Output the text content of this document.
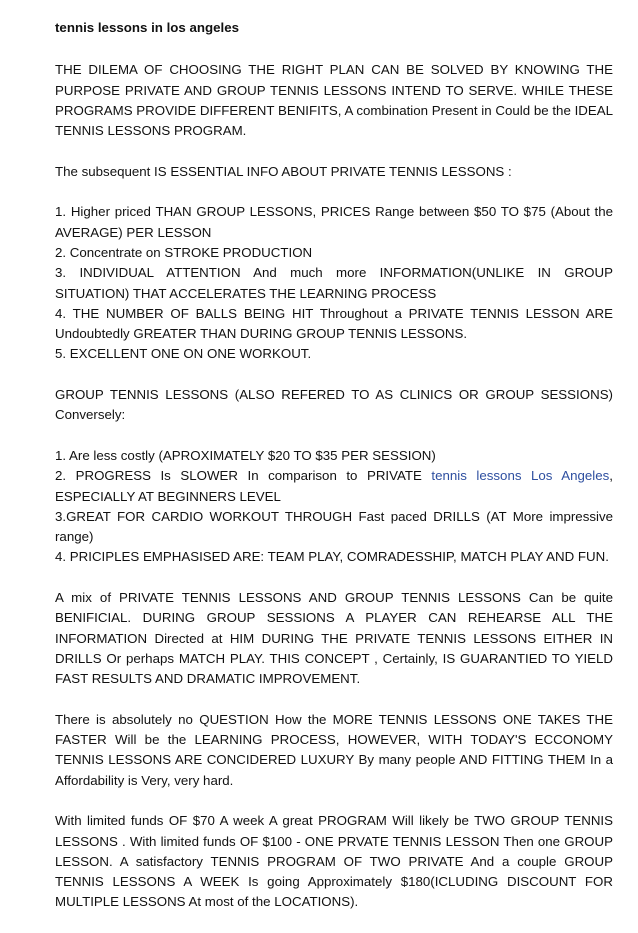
tennis lessons in los angeles

THE DILEMA OF CHOOSING THE RIGHT PLAN CAN BE SOLVED BY KNOWING THE PURPOSE PRIVATE AND GROUP TENNIS LESSONS INTEND TO SERVE. WHILE THESE PROGRAMS PROVIDE DIFFERENT BENIFITS, A combination Present in Could be the IDEAL TENNIS LESSONS PROGRAM.

The subsequent IS ESSENTIAL INFO ABOUT PRIVATE TENNIS LESSONS :

1. Higher priced THAN GROUP LESSONS, PRICES Range between $50 TO $75 (About the AVERAGE) PER LESSON
2. Concentrate on STROKE PRODUCTION
3. INDIVIDUAL ATTENTION And much more INFORMATION(UNLIKE IN GROUP SITUATION) THAT ACCELERATES THE LEARNING PROCESS
4. THE NUMBER OF BALLS BEING HIT Throughout a PRIVATE TENNIS LESSON ARE Undoubtedly GREATER THAN DURING GROUP TENNIS LESSONS.
5. EXCELLENT ONE ON ONE WORKOUT.

GROUP TENNIS LESSONS (ALSO REFERED TO AS CLINICS OR GROUP SESSIONS) Conversely:

1. Are less costly (APROXIMATELY $20 TO $35 PER SESSION)
2. PROGRESS Is SLOWER In comparison to PRIVATE tennis lessons Los Angeles, ESPECIALLY AT BEGINNERS LEVEL
3.GREAT FOR CARDIO WORKOUT THROUGH Fast paced DRILLS (AT More impressive range)
4. PRICIPLES EMPHASISED ARE: TEAM PLAY, COMRADESSHIP, MATCH PLAY AND FUN.

A mix of PRIVATE TENNIS LESSONS AND GROUP TENNIS LESSONS Can be quite BENIFICIAL. DURING GROUP SESSIONS A PLAYER CAN REHEARSE ALL THE INFORMATION Directed at HIM DURING THE PRIVATE TENNIS LESSONS EITHER IN DRILLS Or perhaps MATCH PLAY. THIS CONCEPT , Certainly, IS GUARANTIED TO YIELD FAST RESULTS AND DRAMATIC IMPROVEMENT.

There is absolutely no QUESTION How the MORE TENNIS LESSONS ONE TAKES THE FASTER Will be the LEARNING PROCESS, HOWEVER, WITH TODAY'S ECCONOMY TENNIS LESSONS ARE CONCIDERED LUXURY By many people AND FITTING THEM In a Affordability is Very, very hard.

With limited funds OF $70 A week A great PROGRAM Will likely be TWO GROUP TENNIS LESSONS . With limited funds OF $100 - ONE PRVATE TENNIS LESSON Then one GROUP LESSON. A satisfactory TENNIS PROGRAM OF TWO PRIVATE And a couple GROUP TENNIS LESSONS A WEEK Is going Approximately $180(ICLUDING DISCOUNT FOR MULTIPLE LESSONS At most of the LOCATIONS).
